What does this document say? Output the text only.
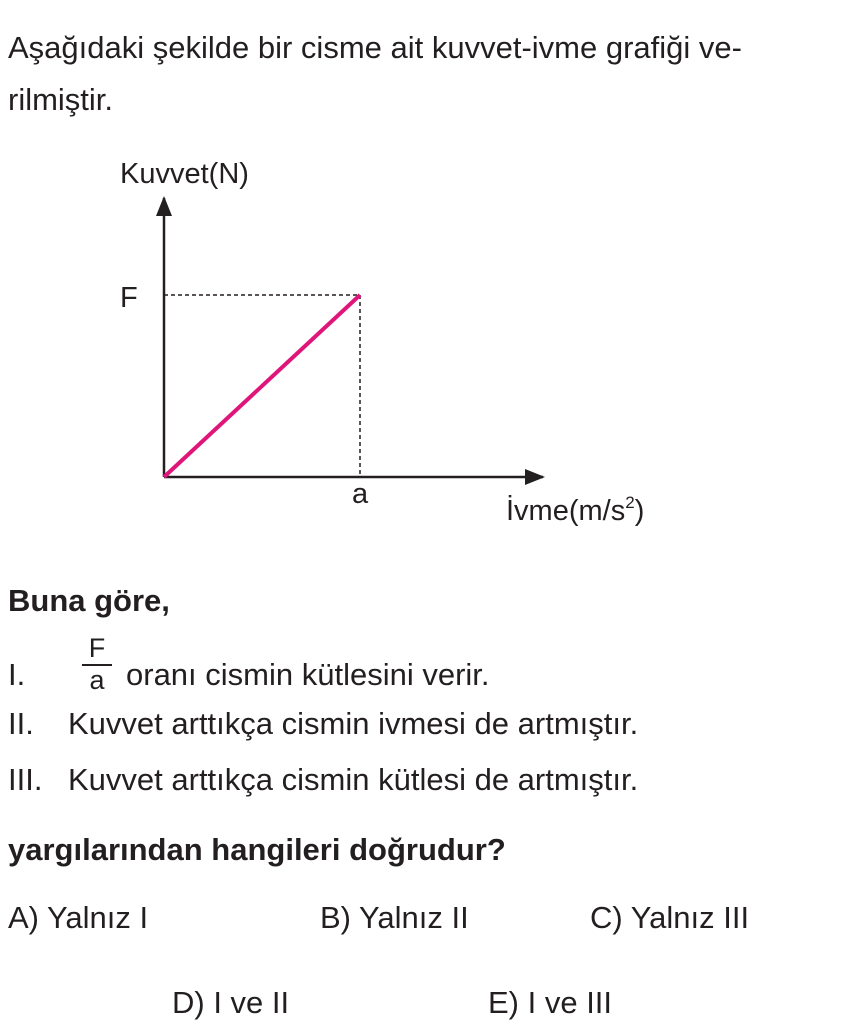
Aşağıdaki şekilde bir cisme ait kuvvet-ivme grafiği ve-
rilmiştir.

Kuvvet(N)
F
a
$İvme(m/s^2)$

Buna göre,

I.	$\frac{F}{a}$ oranı cismin kütlesini verir.
II. Kuvvet arttıkça cismin ivmesi de artmıştır.
III. Kuvvet arttıkça cismin kütlesi de artmıştır.

yargılarından hangileri doğrudur?

A) Yalnız I	B) Yalnız II	C) Yalnız III
D) I ve II	E) I ve III
